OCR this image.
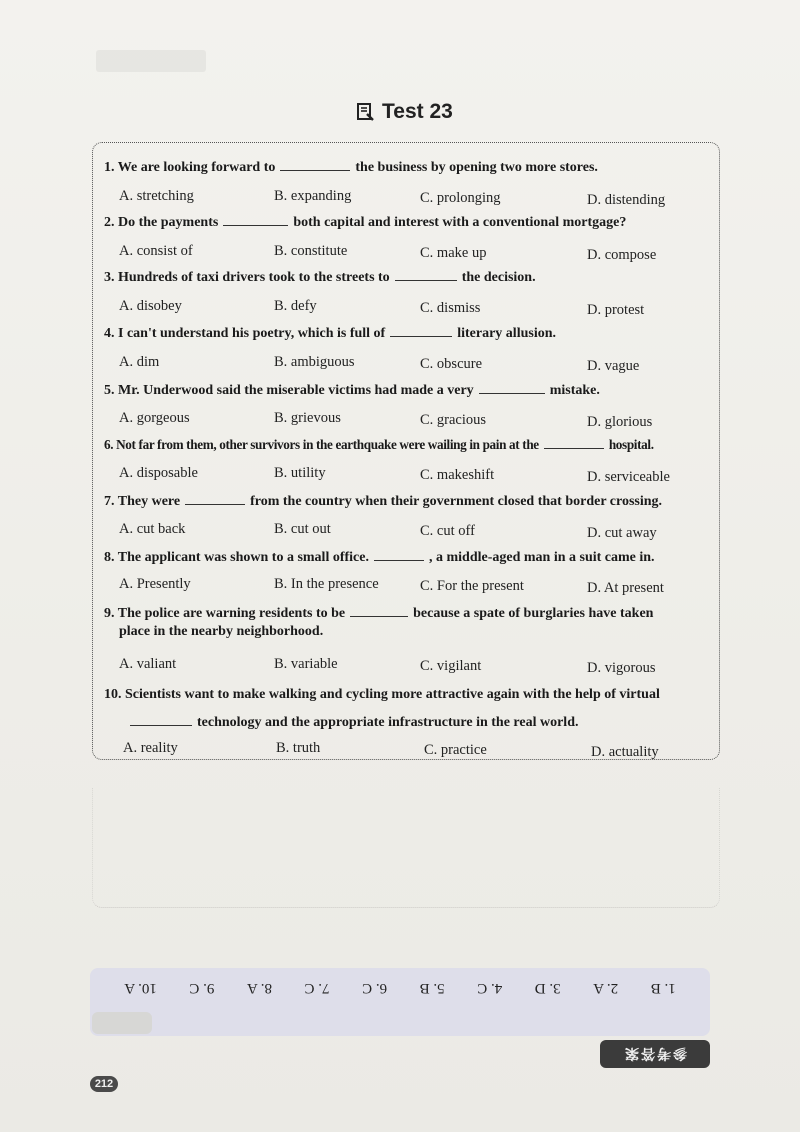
Test 23
1. We are looking forward to	the business by opening two more stores.
A. stretching	B. expanding	C. prolonging	D. distending
2. Do the payments	both capital and interest with a conventional mortgage?
A. consist of	B. constitute	C. make up	D. compose
3. Hundreds of taxi drivers took to the streets to	the decision.
A. disobey	B. defy	C. dismiss	D. protest
4. I can't understand his poetry, which is full of	literary allusion.
A. dim	B. ambiguous	C. obscure	D. vague
5. Mr. Underwood said the miserable victims had made a very	mistake.
A. gorgeous	B. grievous	C. gracious	D. glorious
6. Not far from them, other survivors in the earthquake were wailing in pain at the	hospital.
A. disposable	B. utility	C. makeshift	D. serviceable
7. They were	from the country when their government closed that border crossing.
A. cut back	B. cut out	C. cut off	D. cut away
8. The applicant was shown to a small office.	, a middle-aged man in a suit came in.
A. Presently	B. In the presence	C. For the present	D. At present
9. The police are warning residents to be	because a spate of burglaries have taken
place in the nearby neighborhood.
A. valiant	B. variable	C. vigilant	D. vigorous
10. Scientists want to make walking and cycling more attractive again with the help of virtual
technology and the appropriate infrastructure in the real world.
A. reality	B. truth	C. practice	D. actuality
1. B
2. A
3. D
4. C
5. B
6. C
7. C
8. A
9. C
10. A
参考答案
212
